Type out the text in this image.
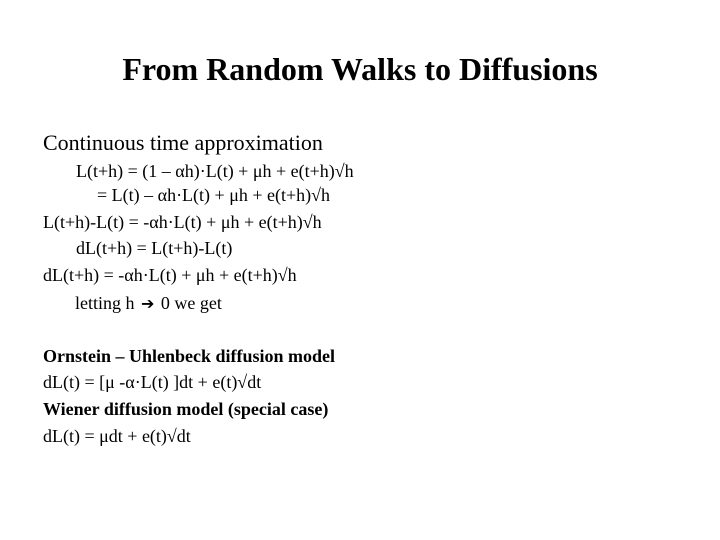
From Random Walks to Diffusions
Continuous time approximation
L(t+h) = (1 – αh)·L(t) + μh + e(t+h)√h
= L(t) – αh·L(t) + μh + e(t+h)√h
L(t+h)-L(t) = -αh·L(t) + μh + e(t+h)√h
dL(t+h) = L(t+h)-L(t)
dL(t+h) = -αh·L(t) + μh + e(t+h)√h
letting h ➔ 0 we get
Ornstein – Uhlenbeck diffusion model
dL(t) = [μ -α·L(t) ]dt + e(t)√dt
Wiener diffusion model (special case)
dL(t) = μdt + e(t)√dt
